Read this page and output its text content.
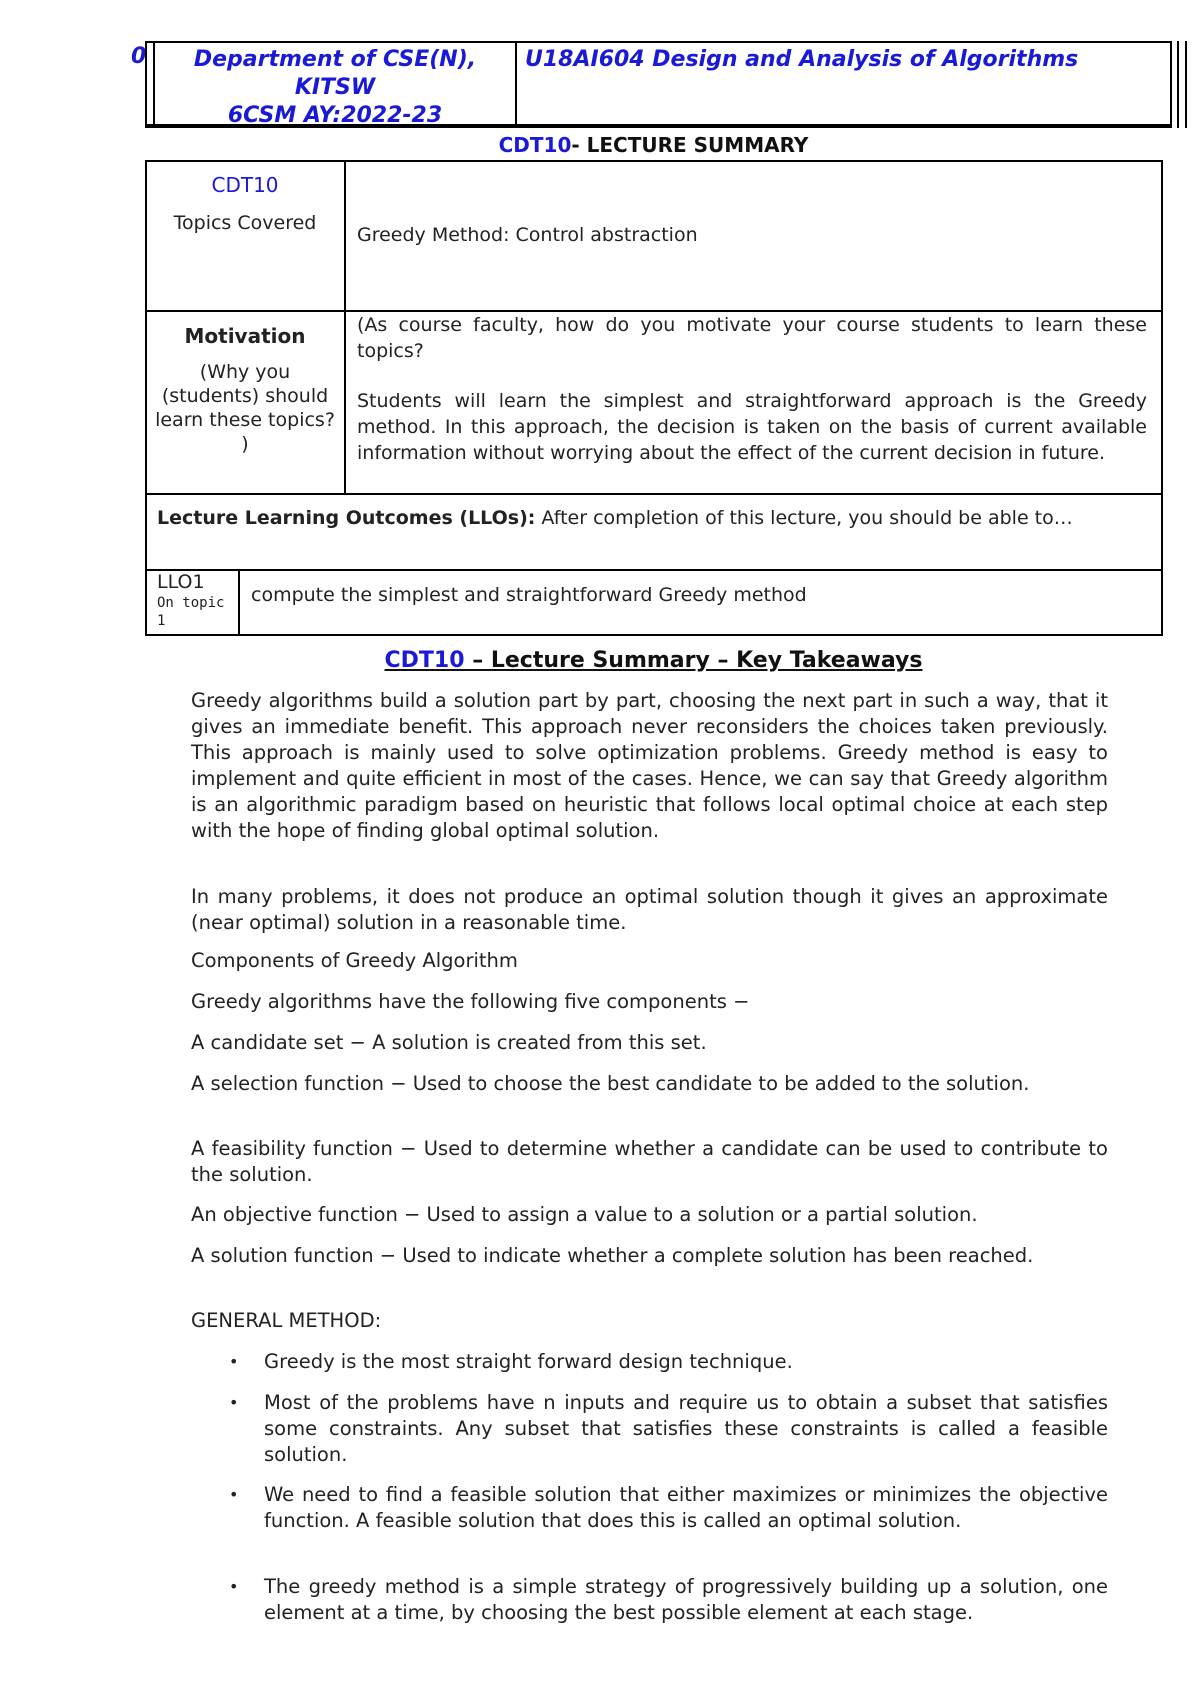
0	Department of CSE(N),
KITSW
6CSM AY:2022-23
U18AI604 Design and Analysis of Algorithms
CDT10- LECTURE SUMMARY
CDT10
Topics Covered
Greedy Method: Control abstraction
Motivation
(Why you (students) should learn these topics? )
(As course faculty, how do you motivate your course students to learn these topics?
Students will learn the simplest and straightforward approach is the Greedy method. In this approach, the decision is taken on the basis of current available information without worrying about the effect of the current decision in future.
Lecture Learning Outcomes (LLOs): After completion of this lecture, you should be able to…
LLO1
On topic 1
compute the simplest and straightforward Greedy method
CDT10 – Lecture Summary – Key Takeaways
Greedy algorithms build a solution part by part, choosing the next part in such a way, that it gives an immediate benefit. This approach never reconsiders the choices taken previously. This approach is mainly used to solve optimization problems. Greedy method is easy to implement and quite efficient in most of the cases. Hence, we can say that Greedy algorithm is an algorithmic paradigm based on heuristic that follows local optimal choice at each step with the hope of finding global optimal solution.
In many problems, it does not produce an optimal solution though it gives an approximate (near optimal) solution in a reasonable time.
Components of Greedy Algorithm
Greedy algorithms have the following five components −
A candidate set − A solution is created from this set.
A selection function − Used to choose the best candidate to be added to the solution.
A feasibility function − Used to determine whether a candidate can be used to contribute to the solution.
An objective function − Used to assign a value to a solution or a partial solution.
A solution function − Used to indicate whether a complete solution has been reached.
GENERAL METHOD:
• Greedy is the most straight forward design technique.
• Most of the problems have n inputs and require us to obtain a subset that satisfies some constraints. Any subset that satisfies these constraints is called a feasible solution.
• We need to find a feasible solution that either maximizes or minimizes the objective function. A feasible solution that does this is called an optimal solution.
• The greedy method is a simple strategy of progressively building up a solution, one element at a time, by choosing the best possible element at each stage.
